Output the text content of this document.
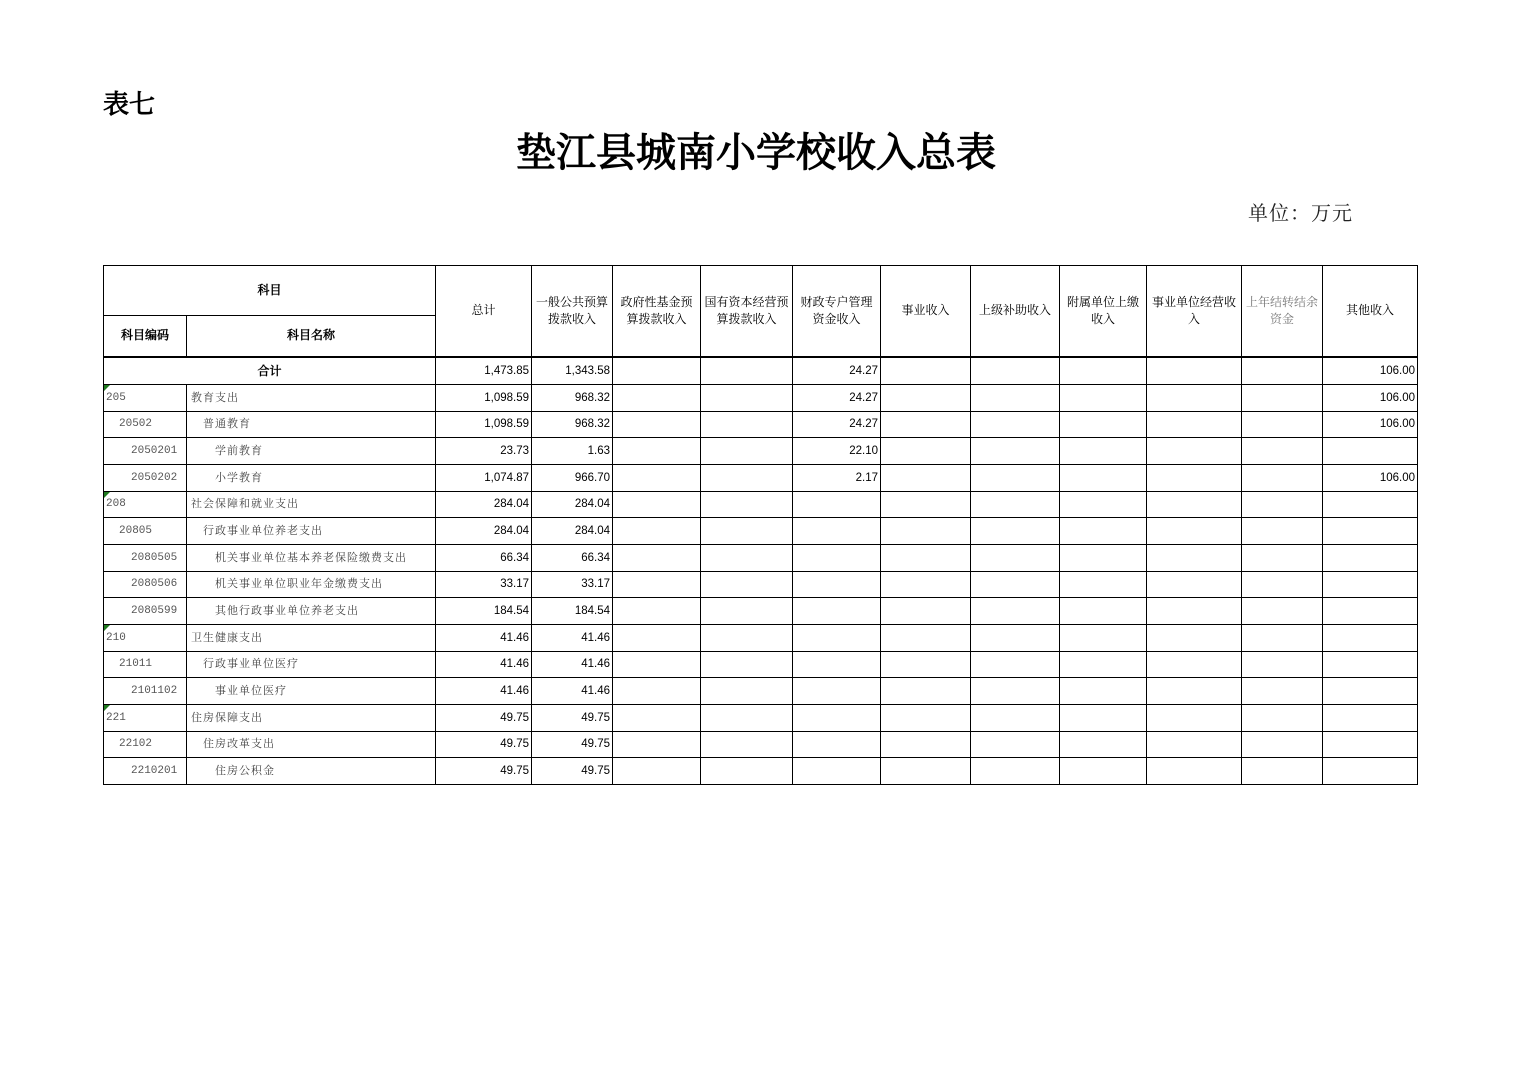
表七
垫江县城南小学校收入总表
单位：万元
科目		总计	一般公共预算拨款收入	政府性基金预算拨款收入	国有资本经营预算拨款收入	财政专户管理资金收入	事业收入	上级补助收入	附属单位上缴收入	事业单位经营收入	上年结转结余资金	其他收入
科目编码	科目名称											
合计		1,473.85	1,343.58			24.27						106.00

205	教育支出	1,098.59	968.32			24.27						106.00
20502	普通教育	1,098.59	968.32			24.27						106.00
2050201	学前教育	23.73	1.63			22.10						
2050202	小学教育	1,074.87	966.70			2.17						106.00

208	社会保障和就业支出	284.04	284.04									
20805	行政事业单位养老支出	284.04	284.04									
2080505	机关事业单位基本养老保险缴费支出	66.34	66.34									
2080506	机关事业单位职业年金缴费支出	33.17	33.17									
2080599	其他行政事业单位养老支出	184.54	184.54									

210	卫生健康支出	41.46	41.46									
21011	行政事业单位医疗	41.46	41.46									
2101102	事业单位医疗	41.46	41.46									

221	住房保障支出	49.75	49.75									
22102	住房改革支出	49.75	49.75									
2210201	住房公积金	49.75	49.75									
